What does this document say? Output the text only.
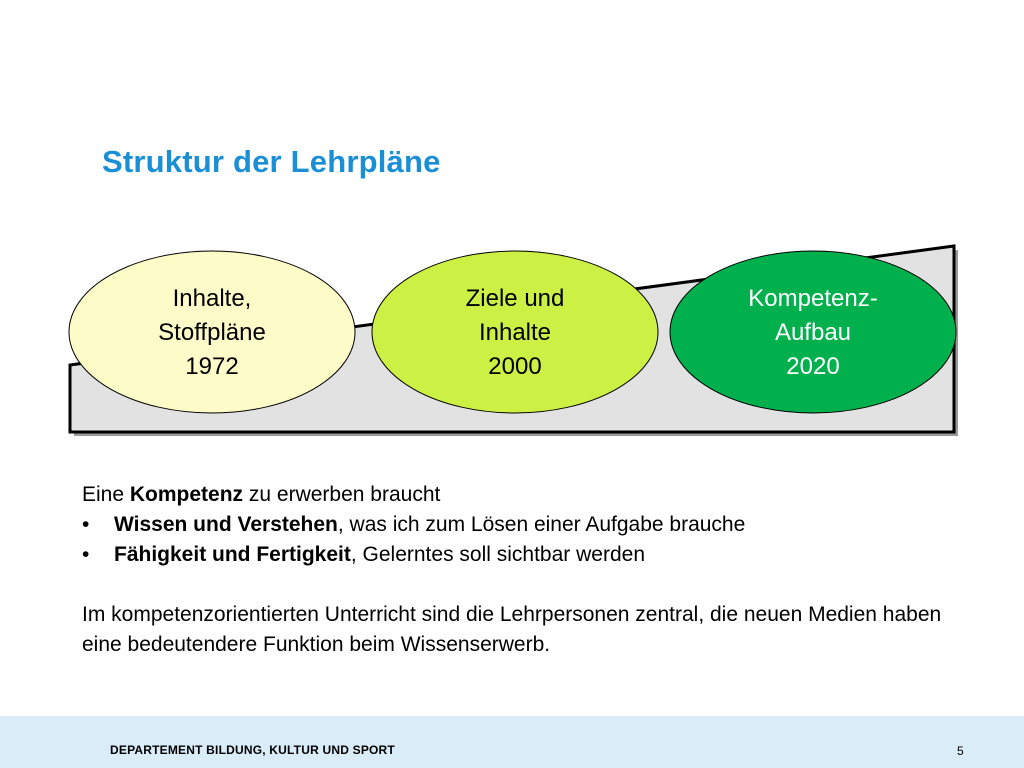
Struktur der Lehrpläne
Inhalte,
Stoffpläne
1972
Ziele und
Inhalte
2000
Kompetenz-
Aufbau
2020

Eine Kompetenz zu erwerben braucht

•	Wissen und Verstehen, was ich zum Lösen einer Aufgabe brauche
•	Fähigkeit und Fertigkeit, Gelerntes soll sichtbar werden

Im kompetenzorientierten Unterricht sind die Lehrpersonen zentral, die neuen Medien haben eine bedeutendere Funktion beim Wissenserwerb.

DEPARTEMENT BILDUNG, KULTUR UND SPORT	5
